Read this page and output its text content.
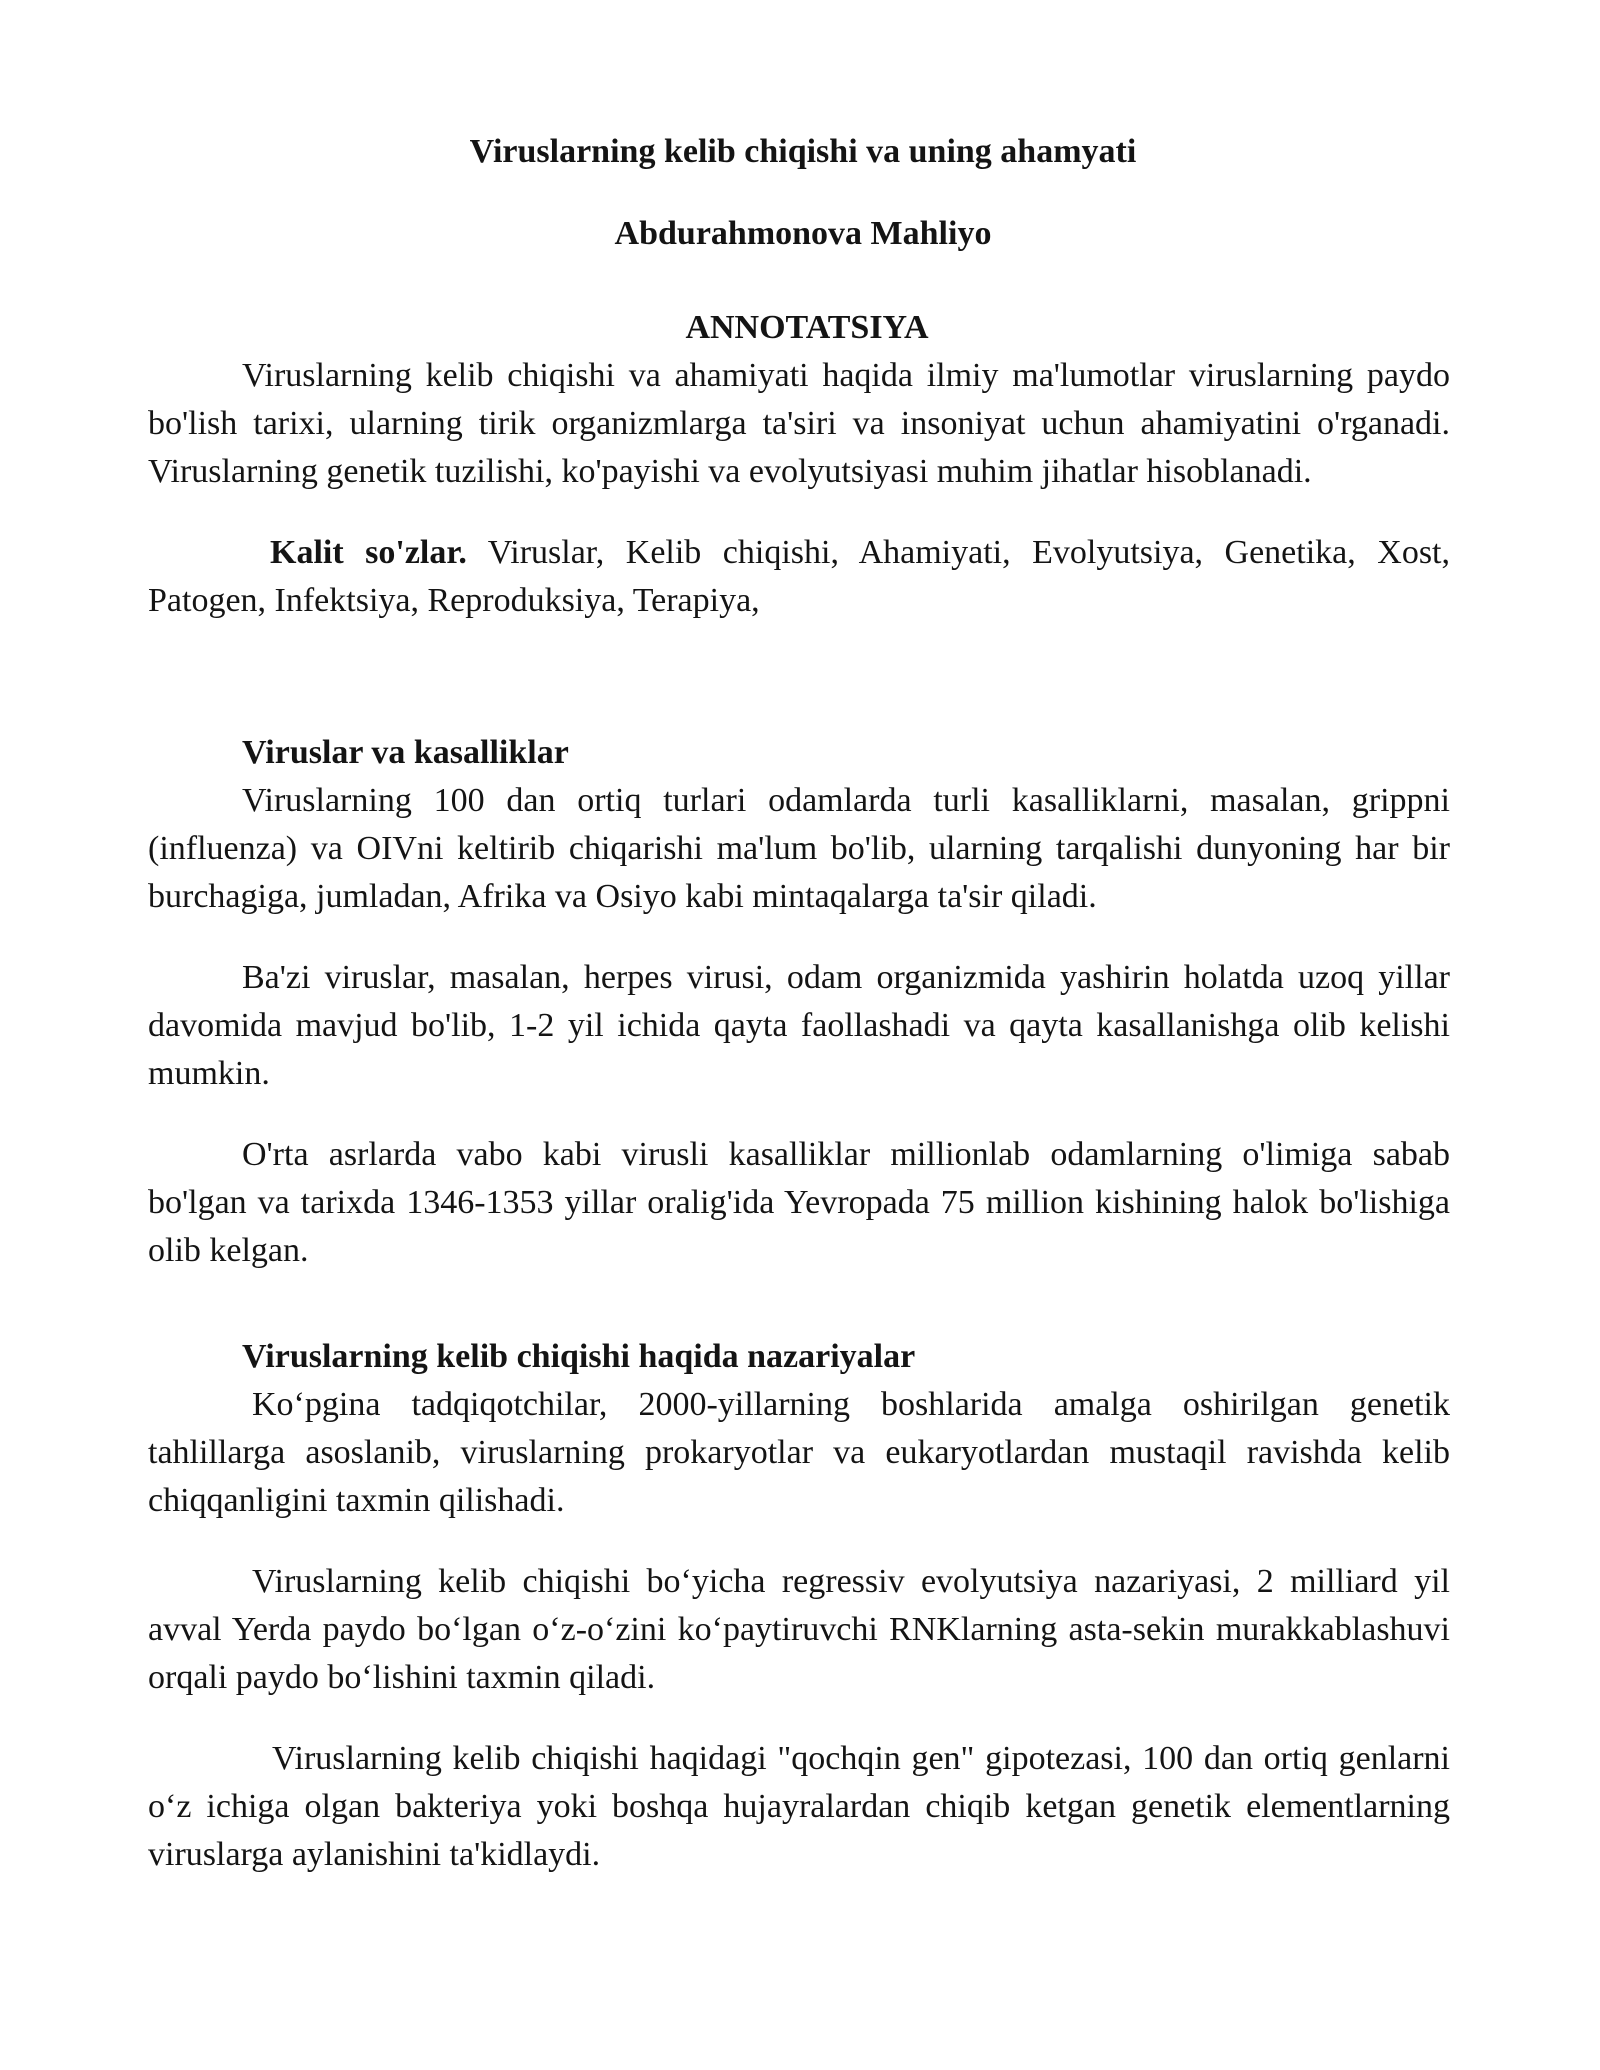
Viruslarning kelib chiqishi va uning ahamyati

Abdurahmonova Mahliyo

ANNOTATSIYA

Viruslarning kelib chiqishi va ahamiyati haqida ilmiy ma'lumotlar viruslarning paydo bo'lish tarixi, ularning tirik organizmlarga ta'siri va insoniyat uchun ahamiyatini o'rganadi. Viruslarning genetik tuzilishi, ko'payishi va evolyutsiyasi muhim jihatlar hisoblanadi.

Kalit so'zlar. Viruslar, Kelib chiqishi, Ahamiyati, Evolyutsiya, Genetika, Xost, Patogen, Infektsiya, Reproduksiya, Terapiya,

Viruslar va kasalliklar

Viruslarning 100 dan ortiq turlari odamlarda turli kasalliklarni, masalan, grippni (influenza) va OIVni keltirib chiqarishi ma'lum bo'lib, ularning tarqalishi dunyoning har bir burchagiga, jumladan, Afrika va Osiyo kabi mintaqalarga ta'sir qiladi.

Ba'zi viruslar, masalan, herpes virusi, odam organizmida yashirin holatda uzoq yillar davomida mavjud bo'lib, 1-2 yil ichida qayta faollashadi va qayta kasallanishga olib kelishi mumkin.

O'rta asrlarda vabo kabi virusli kasalliklar millionlab odamlarning o'limiga sabab bo'lgan va tarixda 1346-1353 yillar oralig'ida Yevropada 75 million kishining halok bo'lishiga olib kelgan.

Viruslarning kelib chiqishi haqida nazariyalar

Koʻpgina tadqiqotchilar, 2000-yillarning boshlarida amalga oshirilgan genetik tahlillarga asoslanib, viruslarning prokaryotlar va eukaryotlardan mustaqil ravishda kelib chiqqanligini taxmin qilishadi.

Viruslarning kelib chiqishi boʻyicha regressiv evolyutsiya nazariyasi, 2 milliard yil avval Yerda paydo boʻlgan oʻz-oʻzini koʻpaytiruvchi RNKlarning asta-sekin murakkablashuvi orqali paydo boʻlishini taxmin qiladi.

Viruslarning kelib chiqishi haqidagi "qochqin gen" gipotezasi, 100 dan ortiq genlarni oʻz ichiga olgan bakteriya yoki boshqa hujayralardan chiqib ketgan genetik elementlarning viruslarga aylanishini ta'kidlaydi.
